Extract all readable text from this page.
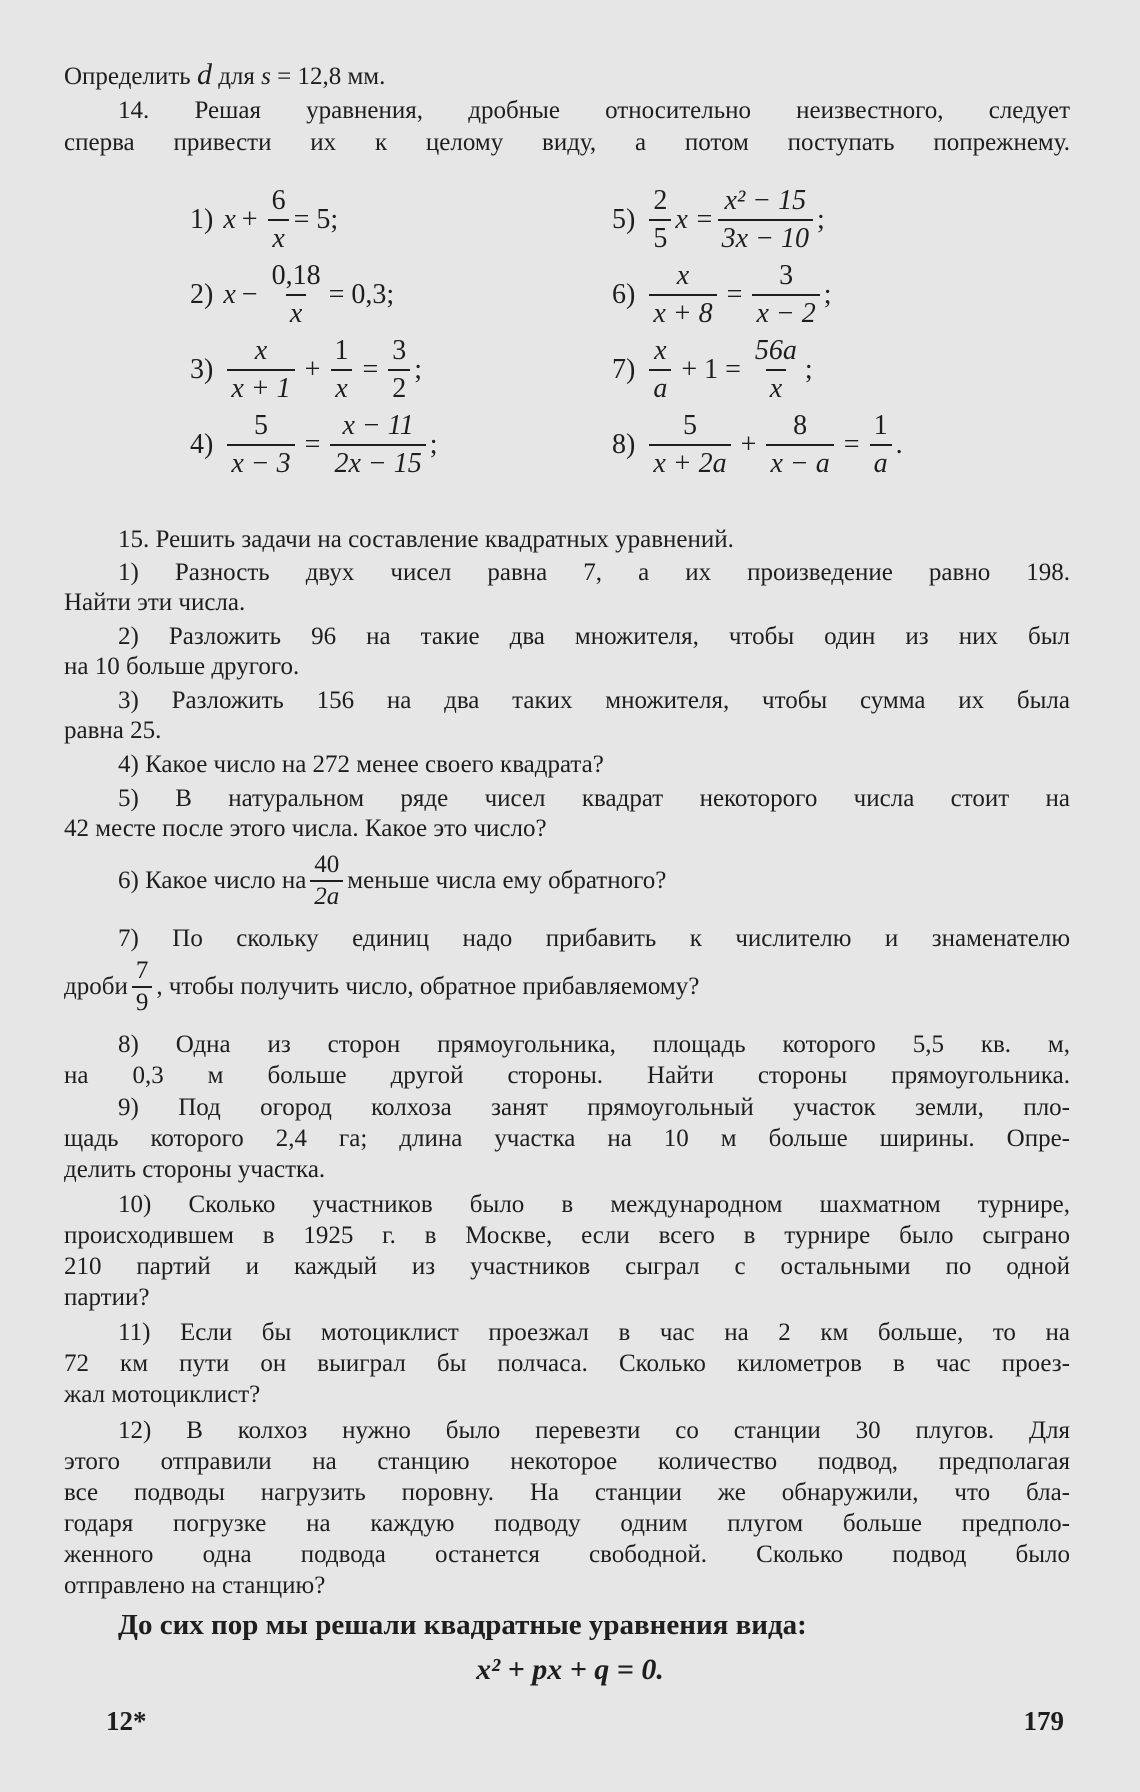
Определить d для s = 12,8 мм.
14. Решая уравнения, дробные относительно неизвестного, следует
сперва привести их к целому виду, а потом поступать попрежнему.
1) $x + \frac{6}{x} = 5$;
2) $x - \frac{0,18}{x} = 0,3$;
$3) \frac{x}{x + 1} + \frac{1}{x} = \frac{3}{2}$ ;
$4) \frac{5}{x - 3} = \frac{x - 11}{2x - 15}$ ;
$5) \frac{2}{5}$ $x = \frac{\text{x² − 15}}{3x - 10}$ ;
$6) \frac{x}{x + 8} = \frac{3}{x - 2}$ ;
$7) \frac{x}{a} + 1 = \frac{56a}{x}$ ;
$8) \frac{5}{x + 2a} + \frac{8}{x - a} = \frac{1}{a}$ .
15. Решить задачи на составление квадратных уравнений.
1) Разность двух чисел равна 7, а их произведение равно 198.
Найти эти числа.
2) Разложить 96 на такие два множителя, чтобы один из них был
на 10 больше другого.
3) Разложить 156 на два таких множителя, чтобы сумма их была
равна 25.
4) Какое число на 272 менее своего квадрата?
5) В натуральном ряде чисел квадрат некоторого числа стоит на
42 месте после этого числа. Какое это число?
6) Какое число на $\frac{40}{2a}$ меньше числа ему обратного?
7) По скольку единиц надо прибавить к числителю и знаменателю
дроби $\frac{7}{9}$ , чтобы получить число, обратное прибавляемому?
8) Одна из сторон прямоугольника, площадь которого 5,5 кв. м,
на 0,3 м больше другой стороны. Найти стороны прямоугольника.
9) Под огород колхоза занят прямоугольный участок земли, пло-
щадь которого 2,4 га; длина участка на 10 м больше ширины. Опре-
делить стороны участка.
10) Сколько участников было в международном шахматном турнире,
происходившем в 1925 г. в Москве, если всего в турнире было сыграно
210 партий и каждый из участников сыграл с остальными по одной
партии?
11) Если бы мотоциклист проезжал в час на 2 км больше, то на
72 км пути он выиграл бы полчаса. Сколько километров в час проез-
жал мотоциклист?
12) В колхоз нужно было перевезти со станции 30 плугов. Для
этого отправили на станцию некоторое количество подвод, предполагая
все подводы нагрузить поровну. На станции же обнаружили, что бла-
годаря погрузке на каждую подводу одним плугом больше предполо-
женного одна подвода останется свободной. Сколько подвод было
отправлено на станцию?
До сих пор мы решали квадратные уравнения вида:
x² + px + q = 0.
12*	179
